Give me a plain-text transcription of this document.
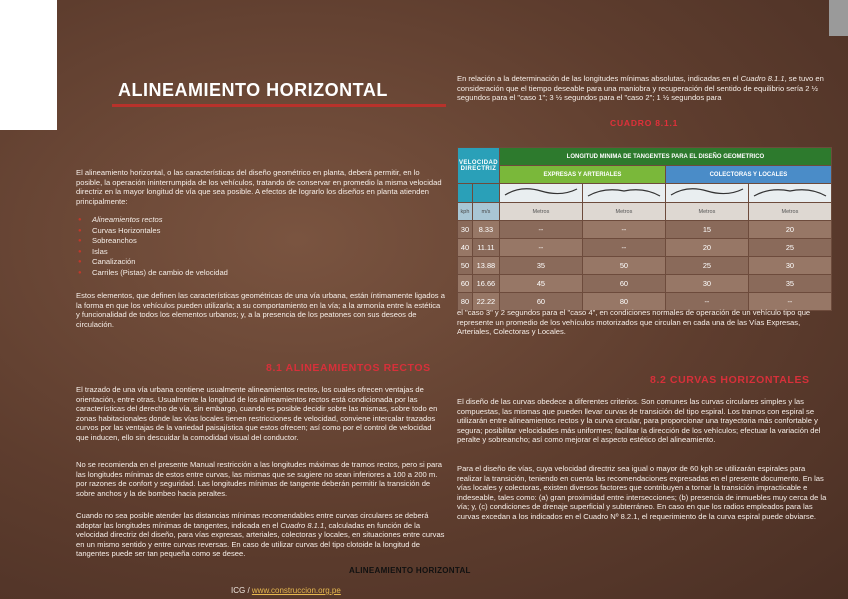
ALINEAMIENTO HORIZONTAL
El alineamiento horizontal, o las características del diseño geométrico en planta, deberá permitir, en lo posible, la operación ininterrumpida de los vehículos, tratando de conservar en promedio la misma velocidad directriz en la mayor longitud de vía que sea posible. A efectos de lograrlo los diseños en planta atienden principalmente:
● Alineamientos rectos
● Curvas Horizontales
● Sobreanchos
● Islas
● Canalización
● Carriles (Pistas) de cambio de velocidad
Estos elementos, que definen las características geométricas de una vía urbana, están íntimamente ligados a la forma en que los vehículos pueden utilizarla; a su comportamiento en la vía; a la armonía entre la estética y funcionalidad de todos los elementos urbanos; y, a la presencia de los peatones con sus deseos de circulación.
8.1 ALINEAMIENTOS RECTOS
El trazado de una vía urbana contiene usualmente alineamientos rectos, los cuales ofrecen ventajas de orientación, entre otras. Usualmente la longitud de los alineamientos rectos está condicionada por las características del derecho de vía, sin embargo, cuando es posible decidir sobre las mismas, sobre todo en zonas habitacionales donde las vías locales tienen restricciones de velocidad, conviene intercalar trazados curvos por las ventajas de la variedad paisajística que estos ofrecen; así como por el control de velocidad que inducen, ello sin descuidar la comodidad visual del conductor.
No se recomienda en el presente Manual restricción a las longitudes máximas de tramos rectos, pero si para las longitudes mínimas de estos entre curvas, las mismas que se sugiere no sean inferiores a 100 a 200 m. por razones de confort y seguridad. Las longitudes mínimas de tangente deberán permitir la transición de sobre anchos y la de bombeo hacia peraltes.
Cuando no sea posible atender las distancias mínimas recomendables entre curvas circulares se deberá adoptar las longitudes mínimas de tangentes, indicada en el Cuadro 8.1.1, calculadas en función de la velocidad directriz del diseño, para vías expresas, arteriales, colectoras y locales, en situaciones entre curvas en un mismo sentido y entre curvas reversas. En caso de utilizar curvas del tipo clotoide la longitud de tangentes puede ser tan pequeña como se desee.
En relación a la determinación de las longitudes mínimas absolutas, indicadas en el Cuadro 8.1.1, se tuvo en consideración que el tiempo deseable para una maniobra y recuperación del sentido de equilibrio sería 2 ½ segundos para el "caso 1"; 3 ½ segundos para el "caso 2"; 1 ½ segundos para
CUADRO 8.1.1
VELOCIDAD DIRECTRIZ		LONGITUD MINIMA DE TANGENTES PARA EL DISEÑO GEOMETRICO			
		EXPRESAS Y ARTERIALES		COLECTORAS Y LOCALES	

kph	m/s	Metros	Metros	Metros	Metros
30	8.33	--	--	15	20
40	11.11	--	--	20	25
50	13.88	35	50	25	30
60	16.66	45	60	30	35
80	22.22	60	80	--	--
el "caso 3" y 2 segundos para el "caso 4", en condiciones normales de operación de un vehículo tipo que represente un promedio de los vehículos motorizados que circulan en cada una de las Vías Expresas, Arteriales, Colectoras y Locales.
8.2 CURVAS HORIZONTALES
El diseño de las curvas obedece a diferentes criterios. Son comunes las curvas circulares simples y las compuestas, las mismas que pueden llevar curvas de transición del tipo espiral. Los tramos con espiral se utilizarán entre alineamientos rectos y la curva circular, para proporcionar una trayectoria más confortable y segura; posibilitar velocidades más uniformes; facilitar la dirección de los vehículos; efectuar la variación del peralte y sobreancho; así como mejorar el aspecto estético del alineamiento.
Para el diseño de vías, cuya velocidad directriz sea igual o mayor de 60 kph se utilizarán espirales para realizar la transición, teniendo en cuenta las recomendaciones expresadas en el presente documento. En las vías locales y colectoras, existen diversos factores que contribuyen a tornar la transición impracticable e indeseable, tales como: (a) gran proximidad entre intersecciones; (b) presencia de inmuebles muy cerca de la vía; y, (c) condiciones de drenaje superficial y subterráneo. En caso en que los radios empleados para las curvas excedan a los indicados en el Cuadro Nº 8.2.1, el requerimiento de la curva espiral puede obviarse.
ALINEAMIENTO HORIZONTAL
ICG / www.construccion.org.pe
